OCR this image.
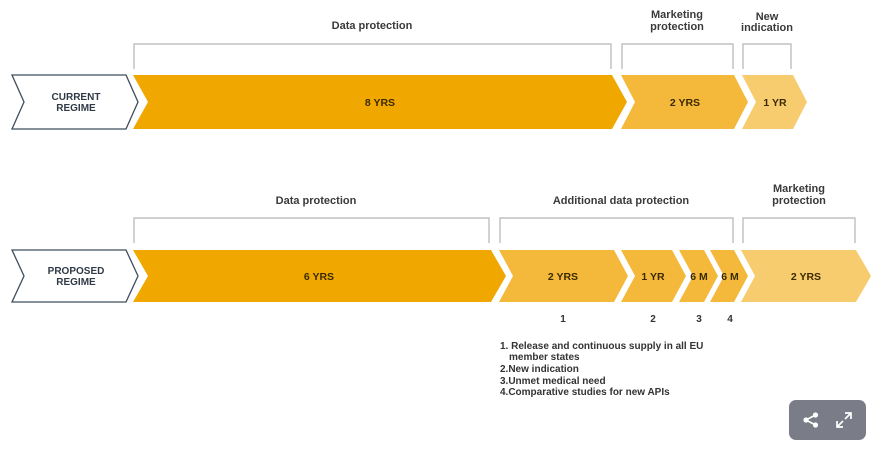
Data protection
Marketing
protection
New
indication
CURRENT
REGIME	8 YRS	2 YRS	1 YR
Data protection	Additional data protection
Marketing
protection
PROPOSED
REGIME	6 YRS	2 YRS	1 YR 6 M 6 M	2 YRS
1	2	3	4
1. Release and continuous supply in all EU
member states
2.New indication
3.Unmet medical need
4.Comparative studies for new APIs
